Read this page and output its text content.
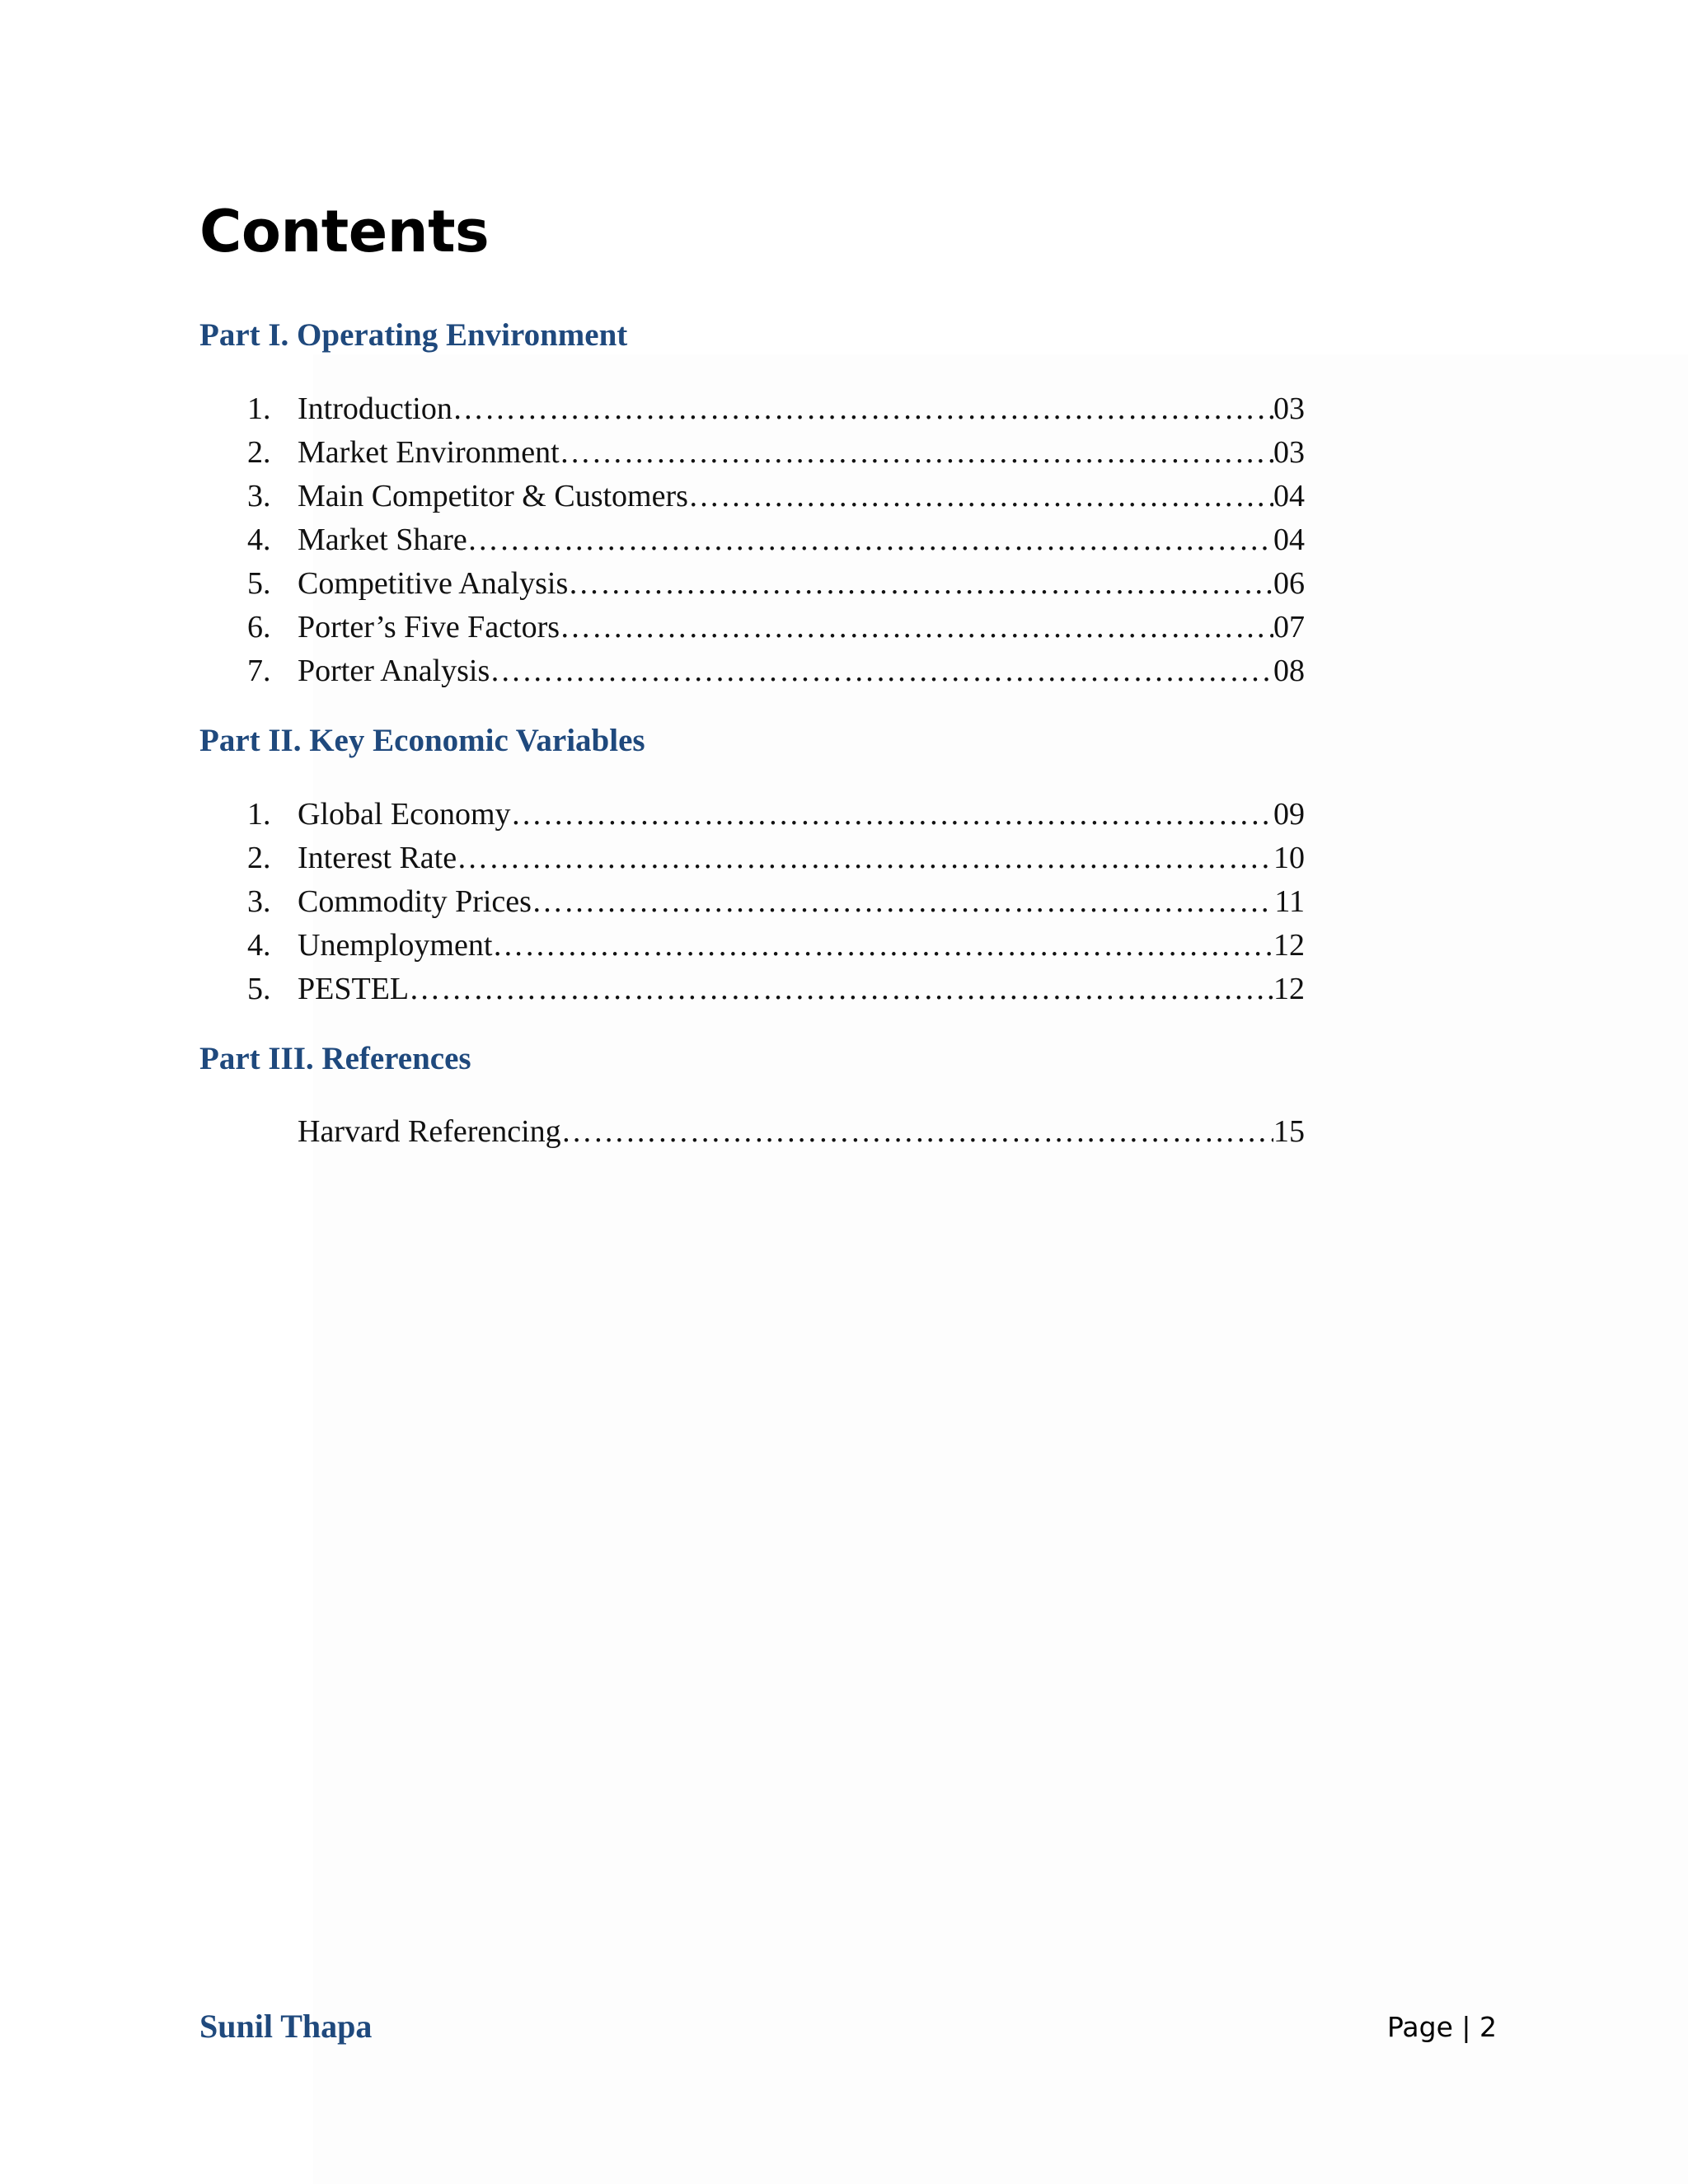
Contents
Part I. Operating Environment
1. Introduction ……………………………………………………………………………………………………………………………………………………………………………………………	03
2. Market Environment ……………………………………………………………………………………………………………………………………………………………………………………………	03
3. Main Competitor & Customers ……………………………………………………………………………………………………………………………………………………………………………………………	04
4. Market Share ……………………………………………………………………………………………………………………………………………………………………………………………	04
5. Competitive Analysis ……………………………………………………………………………………………………………………………………………………………………………………………	06
6. Porter’s Five Factors ……………………………………………………………………………………………………………………………………………………………………………………………	07
7. Porter Analysis ……………………………………………………………………………………………………………………………………………………………………………………………	08
Part II. Key Economic Variables
1. Global Economy ……………………………………………………………………………………………………………………………………………………………………………………………	09
2. Interest Rate ……………………………………………………………………………………………………………………………………………………………………………………………	10
3. Commodity Prices ……………………………………………………………………………………………………………………………………………………………………………………………	11
4. Unemployment ……………………………………………………………………………………………………………………………………………………………………………………………	12
5. PESTEL ……………………………………………………………………………………………………………………………………………………………………………………………	12
Part III. References
Harvard Referencing ……………………………………………………………………………………………………………………………………………………………………………………………	15
Sunil Thapa	Page | 2
